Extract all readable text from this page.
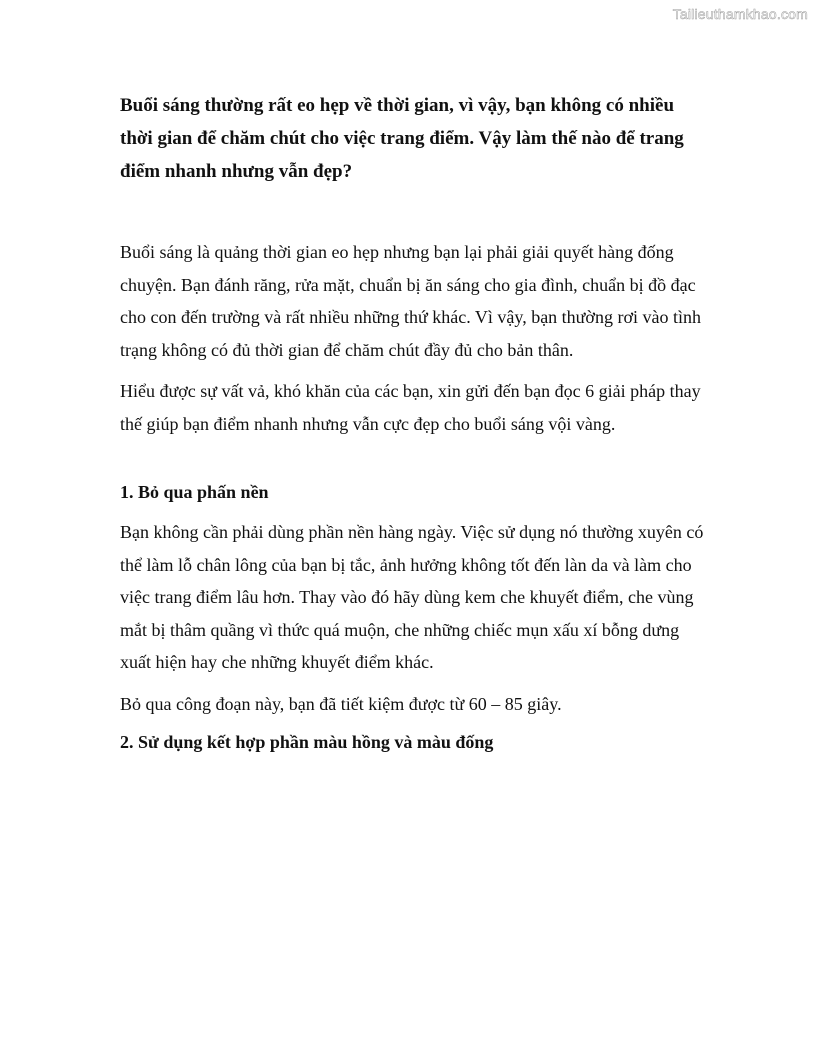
Tailieuthamkhao.com

Buổi sáng thường rất eo hẹp về thời gian, vì vậy, bạn không có nhiều thời gian để chăm chút cho việc trang điểm. Vậy làm thế nào để trang điểm nhanh nhưng vẫn đẹp?

Buổi sáng là quảng thời gian eo hẹp nhưng bạn lại phải giải quyết hàng đống chuyện. Bạn đánh răng, rửa mặt, chuẩn bị ăn sáng cho gia đình, chuẩn bị đồ đạc cho con đến trường và rất nhiều những thứ khác. Vì vậy, bạn thường rơi vào tình trạng không có đủ thời gian để chăm chút đầy đủ cho bản thân.

Hiểu được sự vất vả, khó khăn của các bạn, xin gửi đến bạn đọc 6 giải pháp thay thế giúp bạn điểm nhanh nhưng vẫn cực đẹp cho buổi sáng vội vàng.

1. Bỏ qua phấn nền

Bạn không cần phải dùng phần nền hàng ngày. Việc sử dụng nó thường xuyên có thể làm lỗ chân lông của bạn bị tắc, ảnh hưởng không tốt đến làn da và làm cho việc trang điểm lâu hơn. Thay vào đó hãy dùng kem che khuyết điểm, che vùng mắt bị thâm quầng vì thức quá muộn, che những chiếc mụn xấu xí bỗng dưng xuất hiện hay che những khuyết điểm khác.

Bỏ qua công đoạn này, bạn đã tiết kiệm được từ 60 – 85 giây.

2. Sử dụng kết hợp phần màu hồng và màu đống
